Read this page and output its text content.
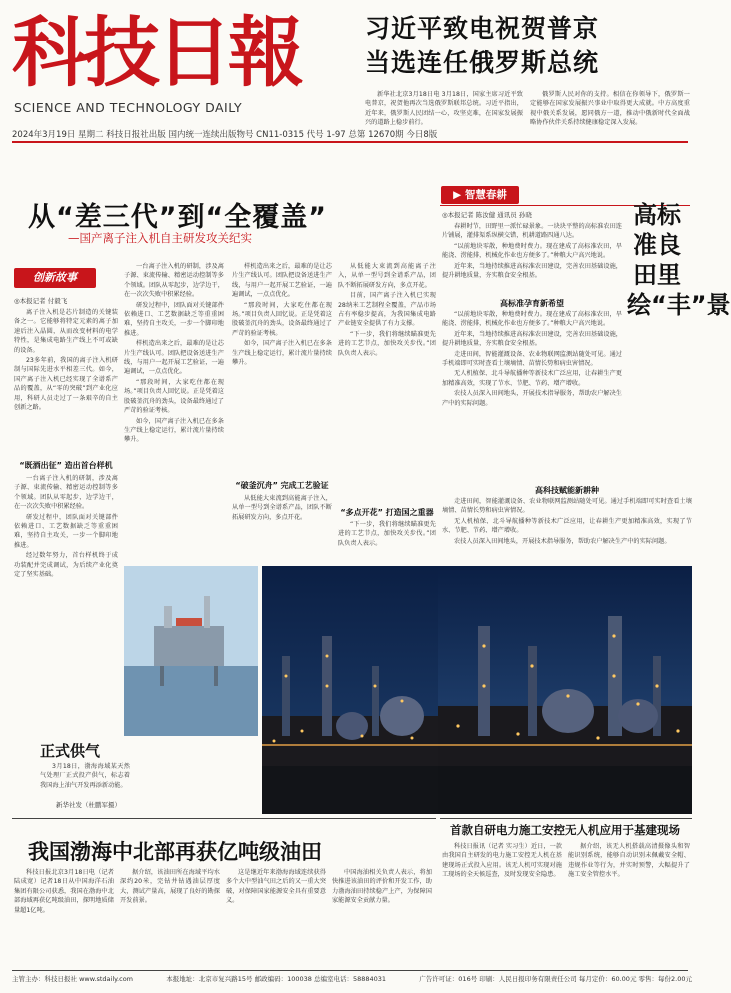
科技日報
SCIENCE AND TECHNOLOGY DAILY
习近平致电祝贺普京
当选连任俄罗斯总统

新华社北京3月18日电 3月18日，国家主席习近平致电普京，祝贺他再次当选俄罗斯联邦总统。习近平指出，近年来，俄罗斯人民团结一心，攻坚克难，在国家发展振兴的道路上稳步前行。

俄罗斯人民对你的支持。相信在你领导下，俄罗斯一定能够在国家发展振兴事业中取得更大成就。中方高度重视中俄关系发展，愿同俄方一道，推动中俄新时代全面战略协作伙伴关系持续健康稳定深入发展。

2024年3月19日 星期二 科技日报社出版 国内统一连续出版物号 CN11-0315 代号 1-97 总第 12670期 今日8版
从“差三代”到“全覆盖”
—国产离子注入机自主研发攻关纪实
创新故事
◎本报记者 付毅飞

离子注入机是芯片制造的关键装备之一。它能够将特定元素的离子加速后注入晶圆，从而改变材料的电学特性，是集成电路生产线上不可或缺的设备。

23多年前，我国的离子注入机研制与国际先进水平相差三代。如今，国产离子注入机已经实现了全谱系产品的覆盖，从“零的突破”到产业化应用，科研人员走过了一条艰辛的自主创新之路。

“既酒出征” 造出首台样机

一台离子注入机的研制，涉及离子源、束流传输、精密运动控制等多个领域。团队从零起步，边学边干，在一次次失败中积累经验。

研发过程中，团队面对关键部件依赖进口、工艺数据缺乏等重重困难，坚持自主攻关，一步一个脚印地推进。

经过数年努力，首台样机终于成功装配并完成调试，为后续产业化奠定了坚实基础。

一台离子注入机的研制，涉及离子源、束流传输、精密运动控制等多个领域。团队从零起步，边学边干，在一次次失败中积累经验。

研发过程中，团队面对关键部件依赖进口、工艺数据缺乏等重重困难，坚持自主攻关，一步一个脚印地推进。

样机造出来之后，最难的是让芯片生产线认可。团队把设备送进生产线，与用户一起开展工艺验证，一遍遍调试，一点点优化。

“那段时间，大家吃住都在现场。”项目负责人回忆说。正是凭着这股破釜沉舟的劲头，设备最终通过了严苛的验证考核。

如今，国产离子注入机已在多条生产线上稳定运行，累计流片量持续攀升。

样机造出来之后，最难的是让芯片生产线认可。团队把设备送进生产线，与用户一起开展工艺验证，一遍遍调试，一点点优化。

“那段时间，大家吃住都在现场。”项目负责人回忆说。正是凭着这股破釜沉舟的劲头，设备最终通过了严苛的验证考核。

如今，国产离子注入机已在多条生产线上稳定运行，累计流片量持续攀升。

“破釜沉舟” 完成工艺验证

从低能大束流到高能离子注入，从单一型号到全谱系产品，团队不断拓展研发方向，多点开花。

从低能大束流到高能离子注入，从单一型号到全谱系产品，团队不断拓展研发方向，多点开花。

目前，国产离子注入机已实现28纳米工艺制程全覆盖，产品市场占有率稳步提高，为我国集成电路产业链安全提供了有力支撑。

“下一步，我们将继续瞄准更先进的工艺节点，加快攻关步伐。”团队负责人表示。

“多点开花” 打造国之重器

“下一步，我们将继续瞄准更先进的工艺节点，加快攻关步伐。”团队负责人表示。

▶ 智慧春耕
◎本报记者 陈汝健 通讯员 孙晓	高标准良田里绘“丰”景

春耕时节，田野里一派忙碌景象。一块块平整的高标准农田连片铺展，灌排渠系纵横交错，机耕道路四通八达。

“以前地块零散，种地费时费力。现在建成了高标准农田，旱能浇、涝能排，机械化作业也方便多了。”种粮大户高兴地说。

近年来，当地持续推进高标准农田建设，完善农田基础设施，提升耕地质量，夯实粮食安全根基。

高标准孕育新希望

“以前地块零散，种地费时费力。现在建成了高标准农田，旱能浇、涝能排，机械化作业也方便多了。”种粮大户高兴地说。

近年来，当地持续推进高标准农田建设，完善农田基础设施，提升耕地质量，夯实粮食安全根基。

走进田间，智能灌溉设备、农业物联网监测站随处可见。通过手机端即可实时查看土壤墒情、苗情长势和病虫害情况。

无人机植保、北斗导航播种等新技术广泛应用，让春耕生产更加精准高效，实现了节水、节肥、节药、增产增收。

农技人员深入田间地头，开展技术指导服务，帮助农户解决生产中的实际问题。

高科技赋能新耕种

走进田间，智能灌溉设备、农业物联网监测站随处可见。通过手机端即可实时查看土壤墒情、苗情长势和病虫害情况。

无人机植保、北斗导航播种等新技术广泛应用，让春耕生产更加精准高效，实现了节水、节肥、节药、增产增收。

农技人员深入田间地头，开展技术指导服务，帮助农户解决生产中的实际问题。

正式供气

3月18日，渤海海域某天然气处理厂正式投产供气，标志着我国海上油气开发再添新动能。

新华社发（杜鹏军摄）
我国渤海中北部再获亿吨级油田

科技日报北京3月18日电（记者 陆成宽）记者18日从中国海洋石油集团有限公司获悉，我国在渤海中北部海域再获亿吨级油田，探明地质储量超1亿吨。

据介绍，该油田所在海域平均水深约20米，完钻井钻遇油层厚度大，测试产量高，展现了良好的勘探开发前景。

这是继近年来渤海海域连续获得多个大中型油气田之后的又一重大突破，对保障国家能源安全具有重要意义。

中国海油相关负责人表示，将加快推进该油田的评价和开发工作，助力渤海油田持续稳产上产，为保障国家能源安全贡献力量。

首款自研电力施工安控无人机应用于基建现场

科技日报讯（记者 实习生）近日，一款由我国自主研发的电力施工安控无人机在基建现场正式投入应用。该无人机可实现对施工现场的全天候巡查，及时发现安全隐患。

据介绍，该无人机搭载高清摄像头和智能识别系统，能够自动识别未佩戴安全帽、违规作业等行为，并实时预警，大幅提升了施工安全管控水平。

主管主办：科技日报社 www.stdaily.com	本报地址：北京市复兴路15号 邮政编码：100038 总编室电话：58884031	广告许可证：016号 印刷：人民日报印务有限责任公司 每月定价：60.00元 零售：每份2.00元
